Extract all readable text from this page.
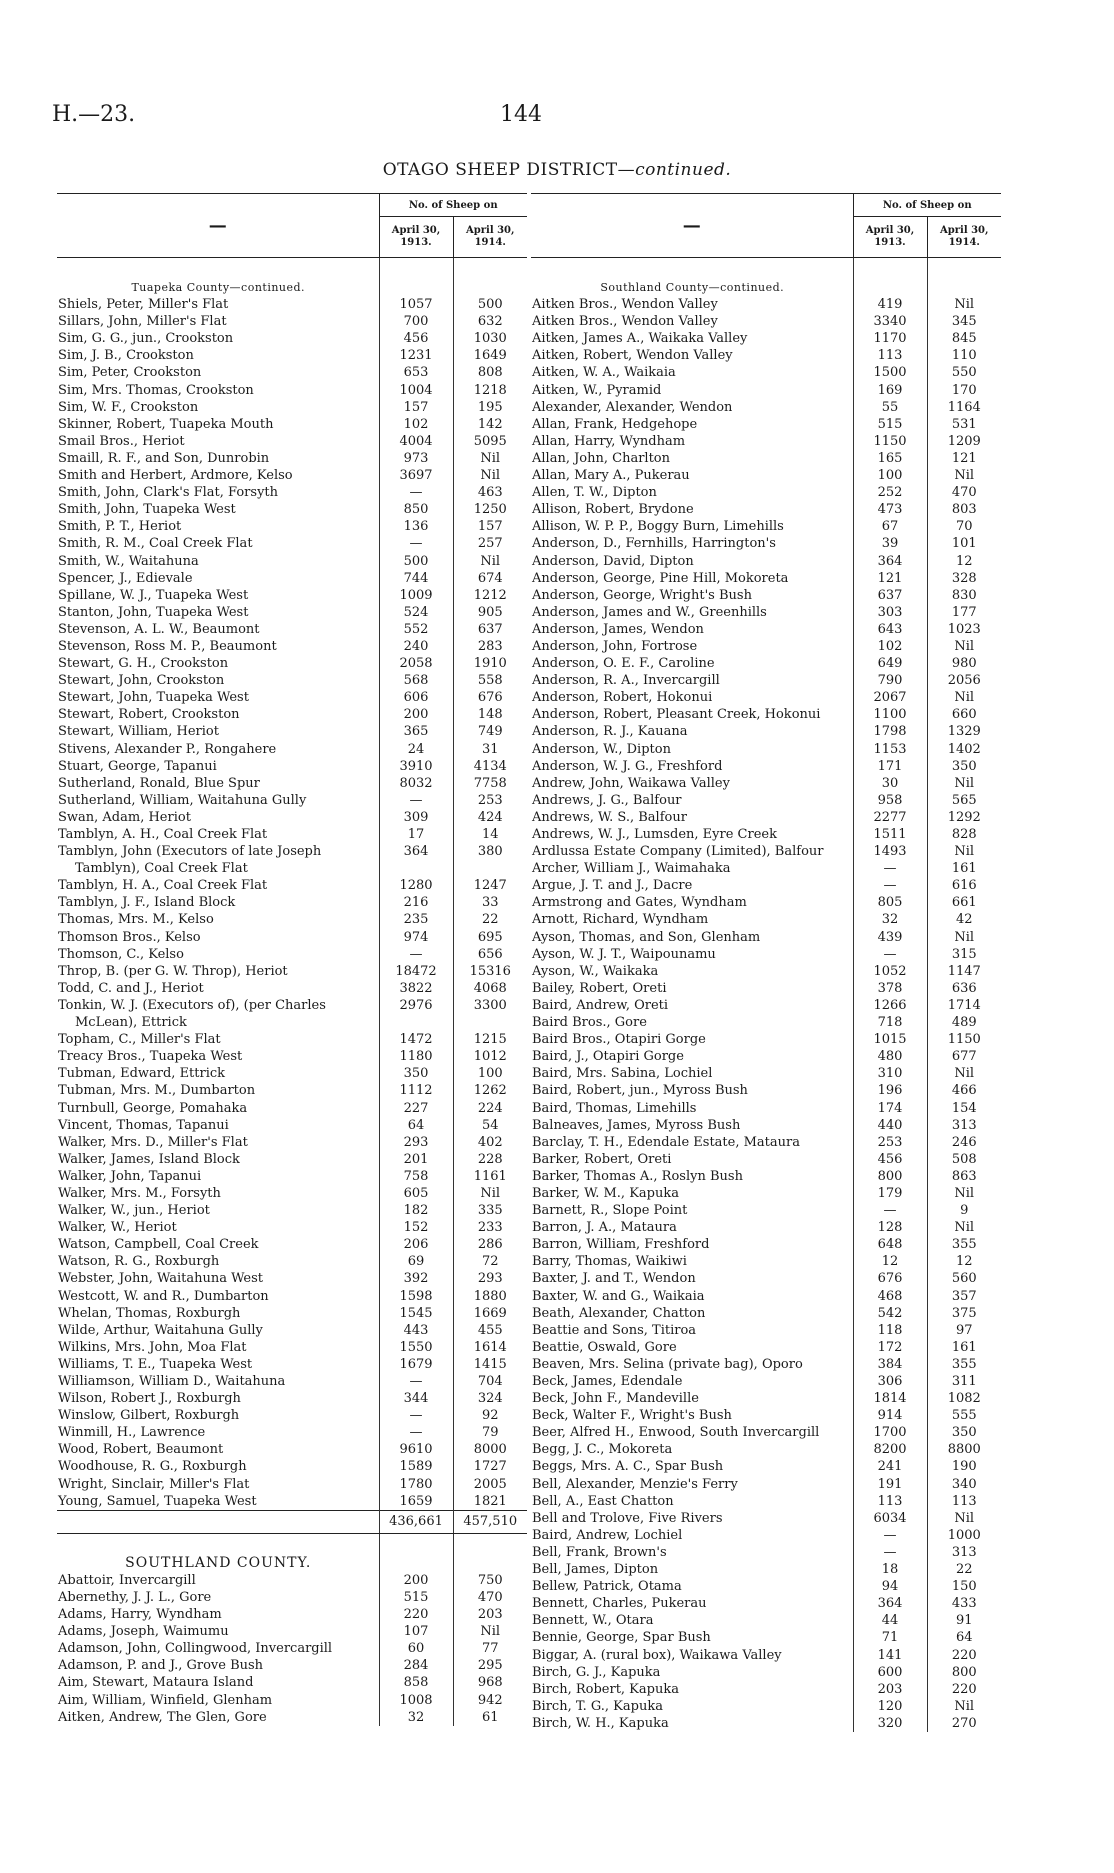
H.—23.	144
OTAGO SHEEP DISTRICT—continued.
—	No. of Sheep on	
	April 30,
1913.	April 30,
1914.

Tuapeka County—continued.		
Shiels, Peter, Miller's Flat	1057	500
Sillars, John, Miller's Flat	700	632
Sim, G. G., jun., Crookston	456	1030
Sim, J. B., Crookston	1231	1649
Sim, Peter, Crookston	653	808
Sim, Mrs. Thomas, Crookston	1004	1218
Sim, W. F., Crookston	157	195
Skinner, Robert, Tuapeka Mouth	102	142
Smail Bros., Heriot	4004	5095
Smaill, R. F., and Son, Dunrobin	973	Nil
Smith and Herbert, Ardmore, Kelso	3697	Nil
Smith, John, Clark's Flat, Forsyth	—	463
Smith, John, Tuapeka West	850	1250
Smith, P. T., Heriot	136	157
Smith, R. M., Coal Creek Flat	—	257
Smith, W., Waitahuna	500	Nil
Spencer, J., Edievale	744	674
Spillane, W. J., Tuapeka West	1009	1212
Stanton, John, Tuapeka West	524	905
Stevenson, A. L. W., Beaumont	552	637
Stevenson, Ross M. P., Beaumont	240	283
Stewart, G. H., Crookston	2058	1910
Stewart, John, Crookston	568	558
Stewart, John, Tuapeka West	606	676
Stewart, Robert, Crookston	200	148
Stewart, William, Heriot	365	749
Stivens, Alexander P., Rongahere	24	31
Stuart, George, Tapanui	3910	4134
Sutherland, Ronald, Blue Spur	8032	7758
Sutherland, William, Waitahuna Gully	—	253
Swan, Adam, Heriot	309	424
Tamblyn, A. H., Coal Creek Flat	17	14
Tamblyn, John (Executors of late Joseph	364	380
Tamblyn), Coal Creek Flat		
Tamblyn, H. A., Coal Creek Flat	1280	1247
Tamblyn, J. F., Island Block	216	33
Thomas, Mrs. M., Kelso	235	22
Thomson Bros., Kelso	974	695
Thomson, C., Kelso	—	656
Throp, B. (per G. W. Throp), Heriot	18472	15316
Todd, C. and J., Heriot	3822	4068
Tonkin, W. J. (Executors of), (per Charles	2976	3300
McLean), Ettrick		
Topham, C., Miller's Flat	1472	1215
Treacy Bros., Tuapeka West	1180	1012
Tubman, Edward, Ettrick	350	100
Tubman, Mrs. M., Dumbarton	1112	1262
Turnbull, George, Pomahaka	227	224
Vincent, Thomas, Tapanui	64	54
Walker, Mrs. D., Miller's Flat	293	402
Walker, James, Island Block	201	228
Walker, John, Tapanui	758	1161
Walker, Mrs. M., Forsyth	605	Nil
Walker, W., jun., Heriot	182	335
Walker, W., Heriot	152	233
Watson, Campbell, Coal Creek	206	286
Watson, R. G., Roxburgh	69	72
Webster, John, Waitahuna West	392	293
Westcott, W. and R., Dumbarton	1598	1880
Whelan, Thomas, Roxburgh	1545	1669
Wilde, Arthur, Waitahuna Gully	443	455
Wilkins, Mrs. John, Moa Flat	1550	1614
Williams, T. E., Tuapeka West	1679	1415
Williamson, William D., Waitahuna	—	704
Wilson, Robert J., Roxburgh	344	324
Winslow, Gilbert, Roxburgh	—	92
Winmill, H., Lawrence	—	79
Wood, Robert, Beaumont	9610	8000
Woodhouse, R. G., Roxburgh	1589	1727
Wright, Sinclair, Miller's Flat	1780	2005
Young, Samuel, Tuapeka West	1659	1821
	436,661	457,510

SOUTHLAND COUNTY.		
Abattoir, Invercargill	200	750
Abernethy, J. J. L., Gore	515	470
Adams, Harry, Wyndham	220	203
Adams, Joseph, Waimumu	107	Nil
Adamson, John, Collingwood, Invercargill	60	77
Adamson, P. and J., Grove Bush	284	295
Aim, Stewart, Mataura Island	858	968
Aim, William, Winfield, Glenham	1008	942
Aitken, Andrew, The Glen, Gore	32	61
—	No. of Sheep on	
	April 30,
1913.	April 30,
1914.

Southland County—continued.		
Aitken Bros., Wendon Valley	419	Nil
Aitken Bros., Wendon Valley	3340	345
Aitken, James A., Waikaka Valley	1170	845
Aitken, Robert, Wendon Valley	113	110
Aitken, W. A., Waikaia	1500	550
Aitken, W., Pyramid	169	170
Alexander, Alexander, Wendon	55	1164
Allan, Frank, Hedgehope	515	531
Allan, Harry, Wyndham	1150	1209
Allan, John, Charlton	165	121
Allan, Mary A., Pukerau	100	Nil
Allen, T. W., Dipton	252	470
Allison, Robert, Brydone	473	803
Allison, W. P. P., Boggy Burn, Limehills	67	70
Anderson, D., Fernhills, Harrington's	39	101
Anderson, David, Dipton	364	12
Anderson, George, Pine Hill, Mokoreta	121	328
Anderson, George, Wright's Bush	637	830
Anderson, James and W., Greenhills	303	177
Anderson, James, Wendon	643	1023
Anderson, John, Fortrose	102	Nil
Anderson, O. E. F., Caroline	649	980
Anderson, R. A., Invercargill	790	2056
Anderson, Robert, Hokonui	2067	Nil
Anderson, Robert, Pleasant Creek, Hokonui	1100	660
Anderson, R. J., Kauana	1798	1329
Anderson, W., Dipton	1153	1402
Anderson, W. J. G., Freshford	171	350
Andrew, John, Waikawa Valley	30	Nil
Andrews, J. G., Balfour	958	565
Andrews, W. S., Balfour	2277	1292
Andrews, W. J., Lumsden, Eyre Creek	1511	828
Ardlussa Estate Company (Limited), Balfour	1493	Nil
Archer, William J., Waimahaka	—	161
Argue, J. T. and J., Dacre	—	616
Armstrong and Gates, Wyndham	805	661
Arnott, Richard, Wyndham	32	42
Ayson, Thomas, and Son, Glenham	439	Nil
Ayson, W. J. T., Waipounamu	—	315
Ayson, W., Waikaka	1052	1147
Bailey, Robert, Oreti	378	636
Baird, Andrew, Oreti	1266	1714
Baird Bros., Gore	718	489
Baird Bros., Otapiri Gorge	1015	1150
Baird, J., Otapiri Gorge	480	677
Baird, Mrs. Sabina, Lochiel	310	Nil
Baird, Robert, jun., Myross Bush	196	466
Baird, Thomas, Limehills	174	154
Balneaves, James, Myross Bush	440	313
Barclay, T. H., Edendale Estate, Mataura	253	246
Barker, Robert, Oreti	456	508
Barker, Thomas A., Roslyn Bush	800	863
Barker, W. M., Kapuka	179	Nil
Barnett, R., Slope Point	—	9
Barron, J. A., Mataura	128	Nil
Barron, William, Freshford	648	355
Barry, Thomas, Waikiwi	12	12
Baxter, J. and T., Wendon	676	560
Baxter, W. and G., Waikaia	468	357
Beath, Alexander, Chatton	542	375
Beattie and Sons, Titiroa	118	97
Beattie, Oswald, Gore	172	161
Beaven, Mrs. Selina (private bag), Oporo	384	355
Beck, James, Edendale	306	311
Beck, John F., Mandeville	1814	1082
Beck, Walter F., Wright's Bush	914	555
Beer, Alfred H., Enwood, South Invercargill	1700	350
Begg, J. C., Mokoreta	8200	8800
Beggs, Mrs. A. C., Spar Bush	241	190
Bell, Alexander, Menzie's Ferry	191	340
Bell, A., East Chatton	113	113
Bell and Trolove, Five Rivers	6034	Nil
Baird, Andrew, Lochiel	—	1000
Bell, Frank, Brown's	—	313
Bell, James, Dipton	18	22
Bellew, Patrick, Otama	94	150
Bennett, Charles, Pukerau	364	433
Bennett, W., Otara	44	91
Bennie, George, Spar Bush	71	64
Biggar, A. (rural box), Waikawa Valley	141	220
Birch, G. J., Kapuka	600	800
Birch, Robert, Kapuka	203	220
Birch, T. G., Kapuka	120	Nil
Birch, W. H., Kapuka	320	270
